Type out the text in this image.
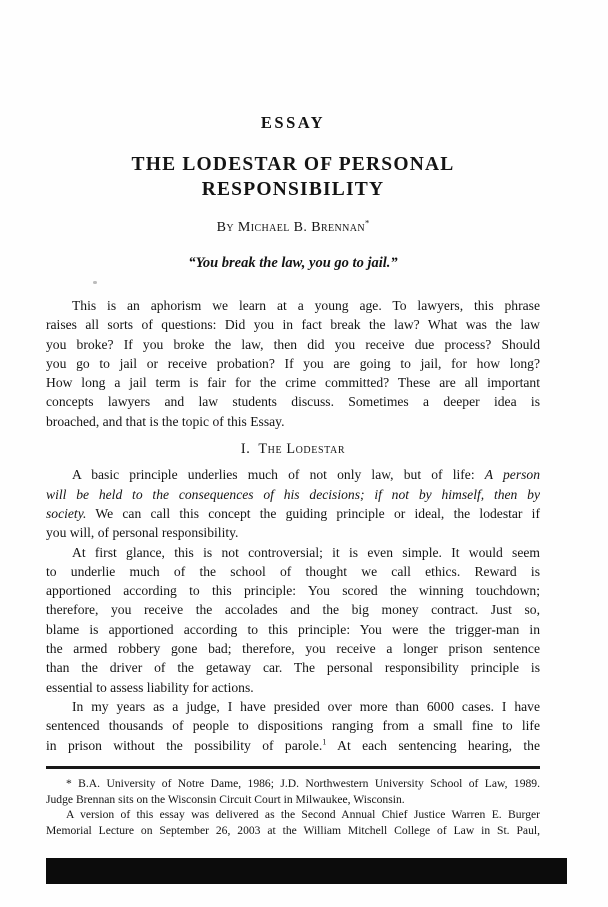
ESSAY
THE LODESTAR OF PERSONAL
RESPONSIBILITY
By Michael B. Brennan*
“You break the law, you go to jail.”
This is an aphorism we learn at a young age. To lawyers, this phrase
raises all sorts of questions: Did you in fact break the law? What was the law
you broke? If you broke the law, then did you receive due process? Should
you go to jail or receive probation? If you are going to jail, for how long?
How long a jail term is fair for the crime committed? These are all important
concepts lawyers and law students discuss. Sometimes a deeper idea is
broached, and that is the topic of this Essay.
I.  The Lodestar
A basic principle underlies much of not only law, but of life: A person
will be held to the consequences of his decisions; if not by himself, then by
society. We can call this concept the guiding principle or ideal, the lodestar if
you will, of personal responsibility.
At first glance, this is not controversial; it is even simple. It would seem
to underlie much of the school of thought we call ethics. Reward is
apportioned according to this principle: You scored the winning touchdown;
therefore, you receive the accolades and the big money contract. Just so,
blame is apportioned according to this principle: You were the trigger-man in
the armed robbery gone bad; therefore, you receive a longer prison sentence
than the driver of the getaway car. The personal responsibility principle is
essential to assess liability for actions.
In my years as a judge, I have presided over more than 6000 cases. I have
sentenced thousands of people to dispositions ranging from a small fine to life
in prison without the possibility of parole.$^1$ At each sentencing hearing, the
* B.A. University of Notre Dame, 1986; J.D. Northwestern University School of Law, 1989.
Judge Brennan sits on the Wisconsin Circuit Court in Milwaukee, Wisconsin.
A version of this essay was delivered as the Second Annual Chief Justice Warren E. Burger
Memorial Lecture on September 26, 2003 at the William Mitchell College of Law in St. Paul,
